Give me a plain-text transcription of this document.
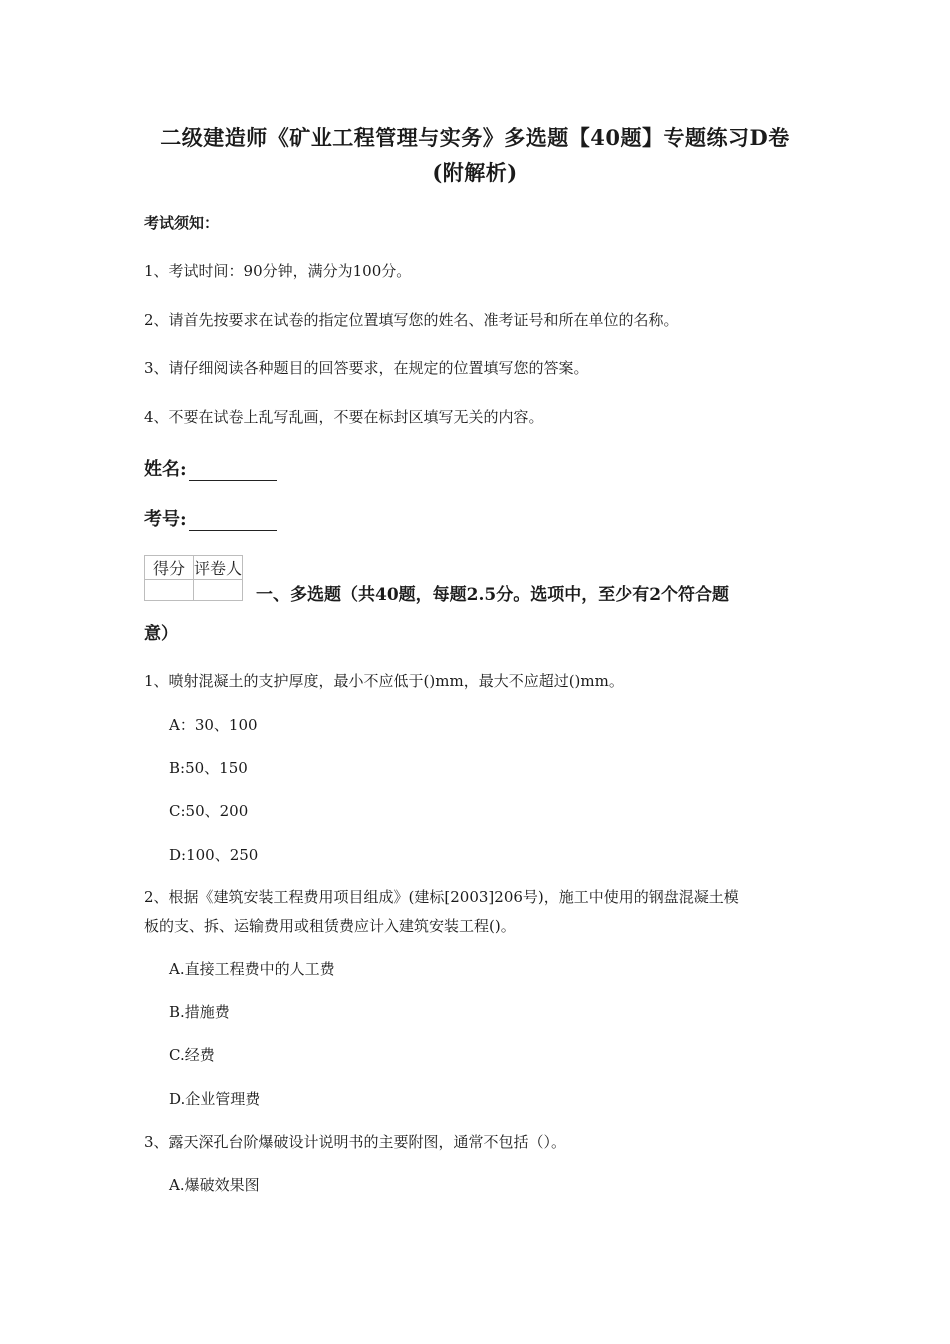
二级建造师《矿业工程管理与实务》多选题【40题】专题练习D卷
(附解析)
考试须知：
1、考试时间：90分钟，满分为100分。
2、请首先按要求在试卷的指定位置填写您的姓名、准考证号和所在单位的名称。
3、请仔细阅读各种题目的回答要求，在规定的位置填写您的答案。
4、不要在试卷上乱写乱画，不要在标封区填写无关的内容。
姓名:
考号:
得分	评卷人

一、多选题（共40题，每题2.5分。选项中，至少有2个符合题
意）
1、喷射混凝土的支护厚度，最小不应低于()mm，最大不应超过()mm。
A：30、100
B:50、150
C:50、200
D:100、250
2、根据《建筑安装工程费用项目组成》(建标[2003]206号)，施工中使用的钢盘混凝土模
板的支、拆、运输费用或租赁费应计入建筑安装工程()。
A.直接工程费中的人工费
B.措施费
C.经费
D.企业管理费
3、露天深孔台阶爆破设计说明书的主要附图，通常不包括（）。
A.爆破效果图
